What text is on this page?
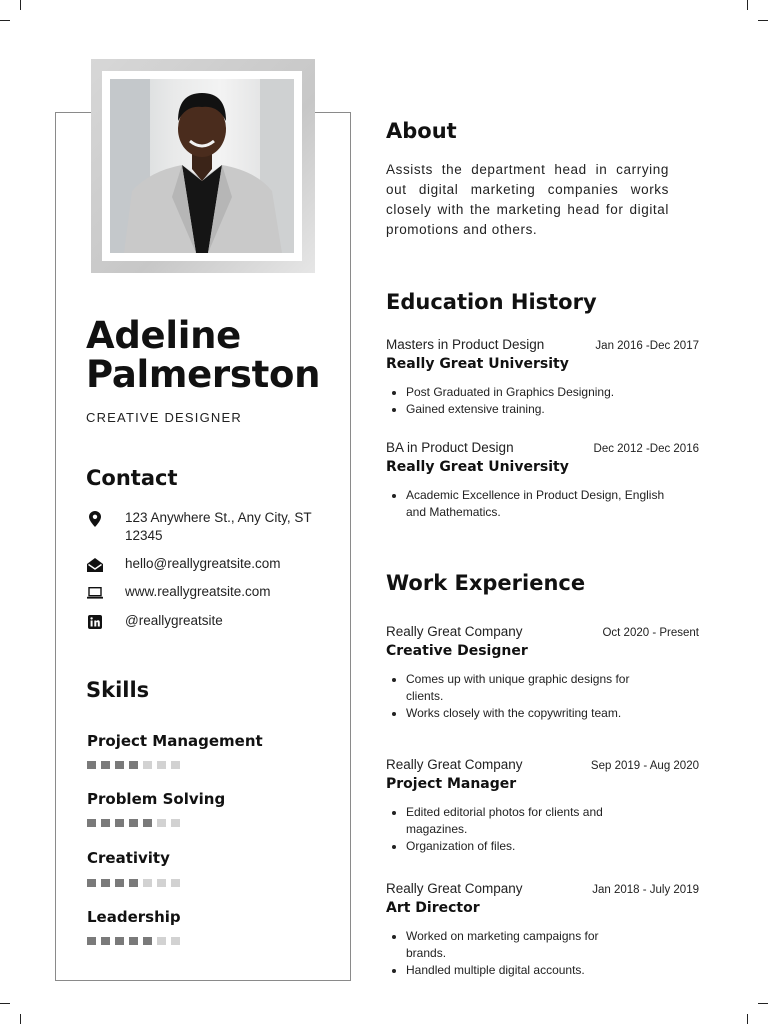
Adeline
Palmerston
CREATIVE DESIGNER
Contact
123 Anywhere St., Any City, ST 12345
hello@reallygreatsite.com
www.reallygreatsite.com
@reallygreatsite
Skills
Project Management
Problem Solving
Creativity
Leadership
About
Assists the department head in carrying out digital marketing companies works closely with the marketing head for digital promotions and others.
Education History
Masters in Product Design	Jan 2016 -Dec 2017
Really Great University
• Post Graduated in Graphics Designing.
• Gained extensive training.
BA in Product Design	Dec 2012 -Dec 2016
Really Great University
• Academic Excellence in Product Design, English and Mathematics.
Work Experience
Really Great Company	Oct 2020 - Present
Creative Designer
• Comes up with unique graphic designs for clients.
• Works closely with the copywriting team.
Really Great Company	Sep 2019 - Aug 2020
Project Manager
• Edited editorial photos for clients and magazines.
• Organization of files.
Really Great Company	Jan 2018 - July 2019
Art Director
• Worked on marketing campaigns for brands.
• Handled multiple digital accounts.
